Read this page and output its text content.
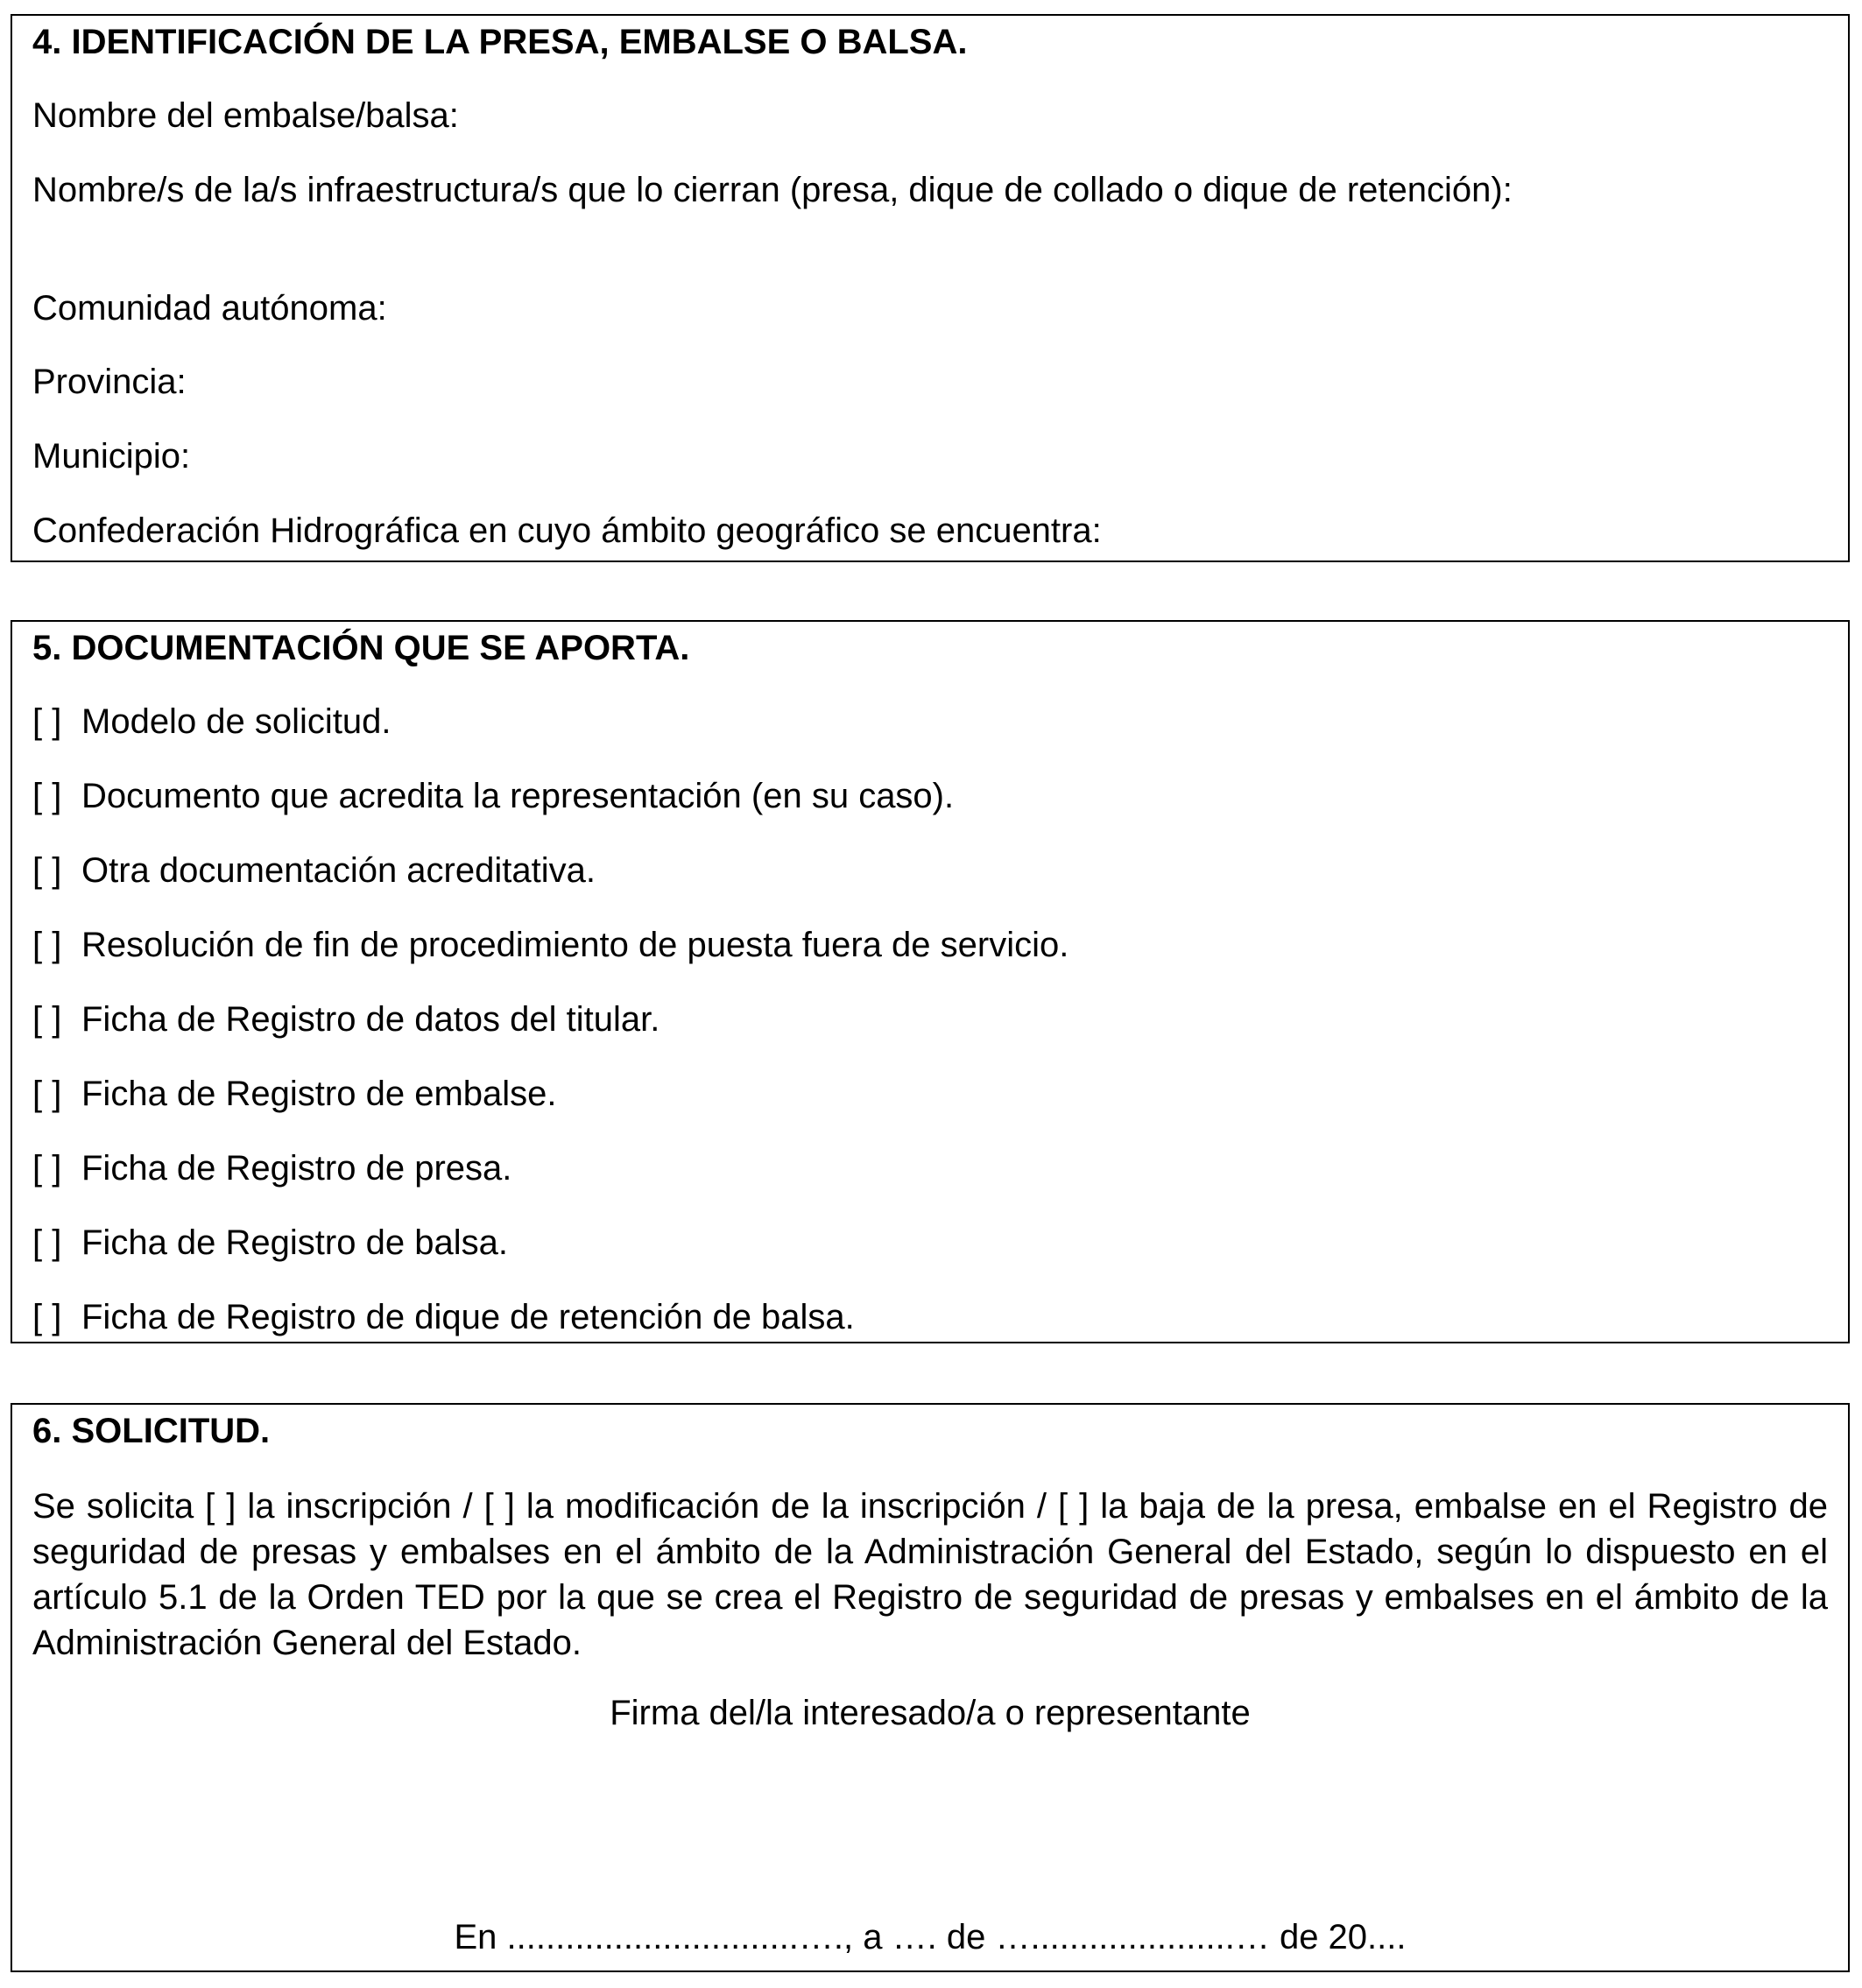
4. IDENTIFICACIÓN DE LA PRESA, EMBALSE O BALSA.
Nombre del embalse/balsa:
Nombre/s de la/s infraestructura/s que lo cierran (presa, dique de collado o dique de retención):
Comunidad autónoma:
Provincia:
Municipio:
Confederación Hidrográfica en cuyo ámbito geográfico se encuentra:
5. DOCUMENTACIÓN QUE SE APORTA.
[ ] Modelo de solicitud.
[ ] Documento que acredita la representación (en su caso).
[ ] Otra documentación acreditativa.
[ ] Resolución de fin de procedimiento de puesta fuera de servicio.
[ ] Ficha de Registro de datos del titular.
[ ] Ficha de Registro de embalse.
[ ] Ficha de Registro de presa.
[ ] Ficha de Registro de balsa.
[ ] Ficha de Registro de dique de retención de balsa.
6. SOLICITUD.
Se solicita [ ] la inscripción / [ ] la modificación de la inscripción / [ ] la baja de la presa, embalse en el Registro de seguridad de presas y embalses en el ámbito de la Administración General del Estado, según lo dispuesto en el artículo 5.1 de la Orden TED por la que se crea el Registro de seguridad de presas y embalses en el ámbito de la Administración General del Estado.
Firma del/la interesado/a o representante
En ..............................…., a …. de ….....................… de 20....
